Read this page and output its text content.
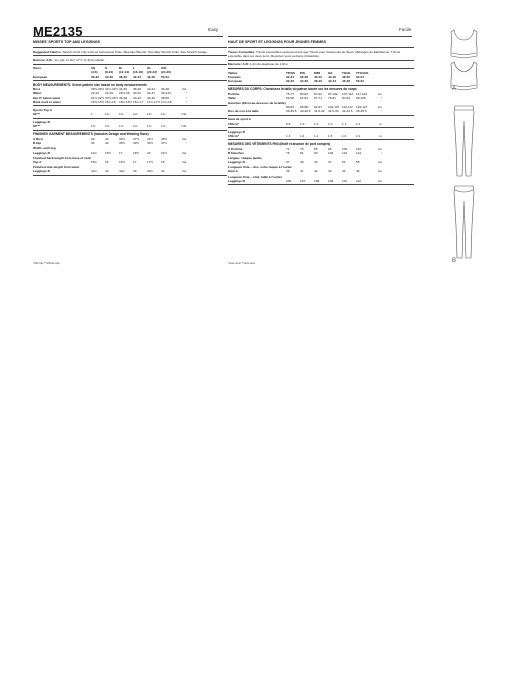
ME2135	Easy	Facile
MISSES' SPORTS TOP AND LEGGINGS
Suggested Fabrics: Stretch Knits only such as Activewear Knits, Spandex Blends, Two-Way Stretch Knits. See Stretch Gauge.
Notions: A,B - 1¼ yds. (1.2m) of ½" (1.3cm) elastic.
Sizes	XS	S	M	L	XL	XXL
(4-6)	(8-10)	(12-14)	(16-18)	(20-22)	(24-26)
European	30-32	34-36	38-40	42-44	46-48	50-52
BODY MEASUREMENTS: Select pattern size based on body measurements
Bust	29½-30½ 31½-32½ 34-36	38-40	42-44	46-48	Ins.
Waist	22-23	24-25	26½-28	30-32	34-37	39-41½	"
Hip 9" below waist	31½-32½ 33½-34½ 36-38	40-42	44-46	48-50	"
Back neck to waist	15½-15½ 15¾-16	16¼-16½ 16¾-17	17¼-17½ 17¾-18	"
Sports Top A
60"**	1	1⅛	1⅛	1⅛	1⅛	1⅛	Yds.
Leggings B
60"**	1½	1½	1⅝	1⅝	1⅝	1⅝	Yds.
FINISHED GARMENT MEASUREMENTS (Includes Design and Wearing Ease)
A Bust	28	30	33½	37½	41½	45½	Ins.
B Hip	30	32	35½	39½	43½	47½	"
Width, each leg
Leggings B	14¼	15½	17	18½	20	21½	Ins.
Finished back length from base of neck
Top A	15¼	16	16½	17	17½	18	Ins.
Finished side length from waist
Leggings B	41¼	42	42¼	43	43¾	44	Ins.
HAUT DE SPORT ET LEGGINGS POUR JEUNES FEMMES
Tissus Conseillés: Tricots extensibles seulement tels que Tricots pour Vêtements de Sport, Mélanges de Élasthanne, Tricots extensible dans les deux sens. Reportez-vous au barre d'élasticité.
Mercerie: A,B: 1.2m de élastique de 1.3cm.
Tailles	TP/XS	P/S	M/M	G/L	TG/XL	TTG/XXL
Français	32-34	36-38	40-42	44-46	48-50	52-54
European	30-32	34-36	38-40	42-44	46-48	50-52
MESURES DU CORPS: Choisissez la taille du patron basée sur les mesures du corps
Poitrine	75-77	80-83	87-92	97-102	107-112 117-122	cm
Taille	56-58	61-64	67-71	76-81	87-94	99-105	"
Hanches (23cm au-dessous de la taille)
80-83	85-88	92-97	102-107 112-117 122-127	cm
Dos du cou à la taille	39-39.5	40-40.5	41.5-42	42.5-43	44-44.5	45-45.5	"
Haut de sport A
150cm*	0.9	1.0	1.0	1.0	1.1	1.1	m
Leggings B
150cm*	1.3	1.4	1.4	1.5	1.6	2.1	m
MESURES DES VÊTEMENTS FINI (Motif et aisance de port compris)
A Poitrine	71	76	85	95	105	116	cm
B Hanches	76	81	90	100	110	121	"
Largeur, chaque jambe
Leggings B	37	39	43	47	51	55	cm
Longueur finie – dos, votre nuque à l'ourlet
Haut A	39	41	42	43	44	46	cm
Longueur finie – côté, taille à l'ourlet
Leggings B	105	107	108	109	110	112	cm
*with nap **without nap	*avec sens **sans sens
A
B
